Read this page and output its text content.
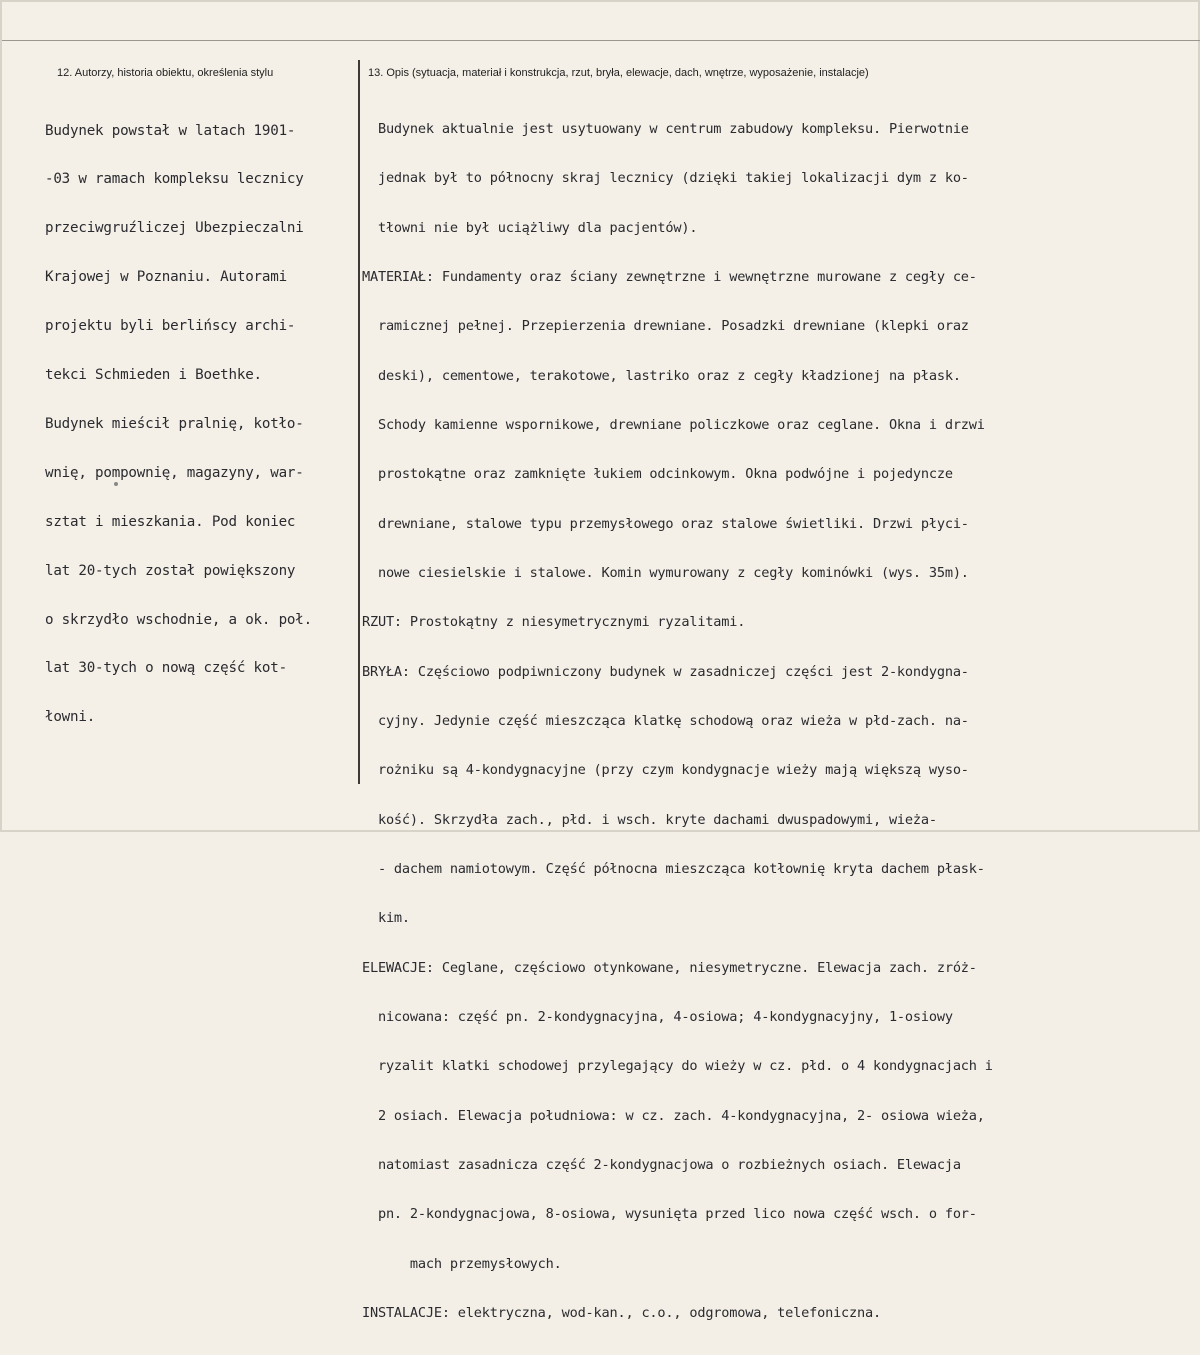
12. Autorzy, historia obiektu, określenia stylu	13. Opis (sytuacja, materiał i konstrukcja, rzut, bryła, elewacje, dach, wnętrze, wyposażenie, instalacje)

Budynek powstał w latach 1901-

-03 w ramach kompleksu lecznicy

przeciwgruźliczej Ubezpieczalni

Krajowej w Poznaniu. Autorami

projektu byli berlińscy archi-

tekci Schmieden i Boethke.

Budynek mieścił pralnię, kotło-

wnię, pompownię, magazyny, war-

sztat i mieszkania. Pod koniec

lat 20-tych został powiększony

o skrzydło wschodnie, a ok. poł.

lat 30-tych o nową część kot-

łowni.

Budynek aktualnie jest usytuowany w centrum zabudowy kompleksu. Pierwotnie

jednak był to północny skraj lecznicy (dzięki takiej lokalizacji dym z ko-

tłowni nie był uciążliwy dla pacjentów).

MATERIAŁ: Fundamenty oraz ściany zewnętrzne i wewnętrzne murowane z cegły ce-

ramicznej pełnej. Przepierzenia drewniane. Posadzki drewniane (klepki oraz

deski), cementowe, terakotowe, lastriko oraz z cegły kładzionej na płask.

Schody kamienne wspornikowe, drewniane policzkowe oraz ceglane. Okna i drzwi

prostokątne oraz zamknięte łukiem odcinkowym. Okna podwójne i pojedyncze

drewniane, stalowe typu przemysłowego oraz stalowe świetliki. Drzwi płyci-

nowe ciesielskie i stalowe. Komin wymurowany z cegły kominówki (wys. 35m).

RZUT: Prostokątny z niesymetrycznymi ryzalitami.

BRYŁA: Częściowo podpiwniczony budynek w zasadniczej części jest 2-kondygna-

cyjny. Jedynie część mieszcząca klatkę schodową oraz wieża w płd-zach. na-

rożniku są 4-kondygnacyjne (przy czym kondygnacje wieży mają większą wyso-

kość). Skrzydła zach., płd. i wsch. kryte dachami dwuspadowymi, wieża-

- dachem namiotowym. Część północna mieszcząca kotłownię kryta dachem płask-

kim.

ELEWACJE: Ceglane, częściowo otynkowane, niesymetryczne. Elewacja zach. zróż-

nicowana: część pn. 2-kondygnacyjna, 4-osiowa; 4-kondygnacyjny, 1-osiowy

ryzalit klatki schodowej przylegający do wieży w cz. płd. o 4 kondygnacjach i

2 osiach. Elewacja południowa: w cz. zach. 4-kondygnacyjna, 2- osiowa wieża,

natomiast zasadnicza część 2-kondygnacjowa o rozbieżnych osiach. Elewacja

pn. 2-kondygnacjowa, 8-osiowa, wysunięta przed lico nowa część wsch. o for-

mach przemysłowych.

INSTALACJE: elektryczna, wod-kan., c.o., odgromowa, telefoniczna.
